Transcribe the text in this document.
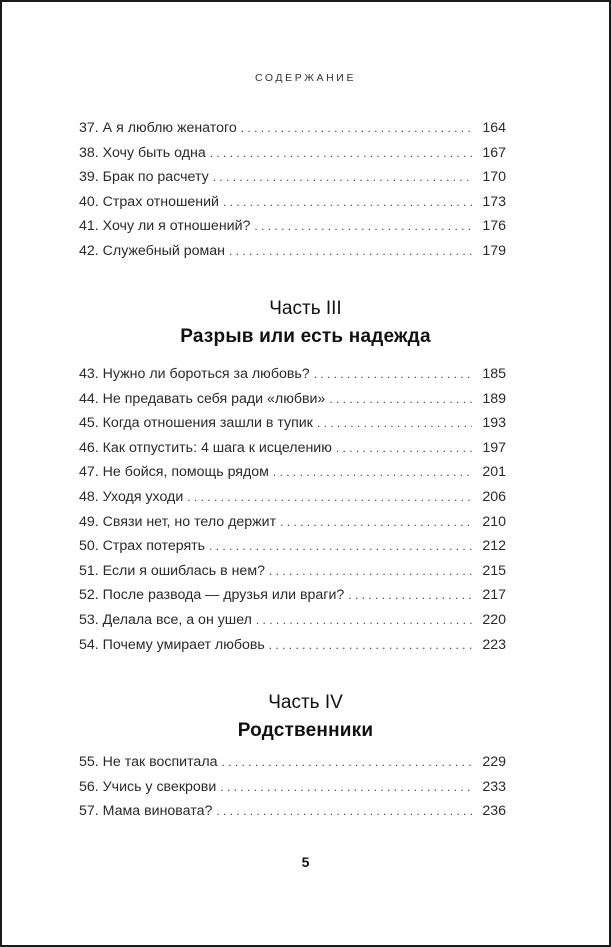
СОДЕРЖАНИЕ
37. А я люблю женатого . . .	164
38. Хочу быть одна . . .	167
39. Брак по расчету . . .	170
40. Страх отношений . . .	173
41. Хочу ли я отношений? . . .	176
42. Служебный роман . . .	179
Часть III
Разрыв или есть надежда
43. Нужно ли бороться за любовь? . . .	185
44. Не предавать себя ради «любви» . . .	189
45. Когда отношения зашли в тупик . . .	193
46. Как отпустить: 4 шага к исцелению . . .	197
47. Не бойся, помощь рядом . . .	201
48. Уходя уходи . . .	206
49. Связи нет, но тело держит . . .	210
50. Страх потерять . . .	212
51. Если я ошиблась в нем? . . .	215
52. После развода — друзья или враги? . . .	217
53. Делала все, а он ушел . . .	220
54. Почему умирает любовь . . .	223
Часть IV
Родственники
55. Не так воспитала . . .	229
56. Учись у свекрови . . .	233
57. Мама виновата? . . .	236
5
